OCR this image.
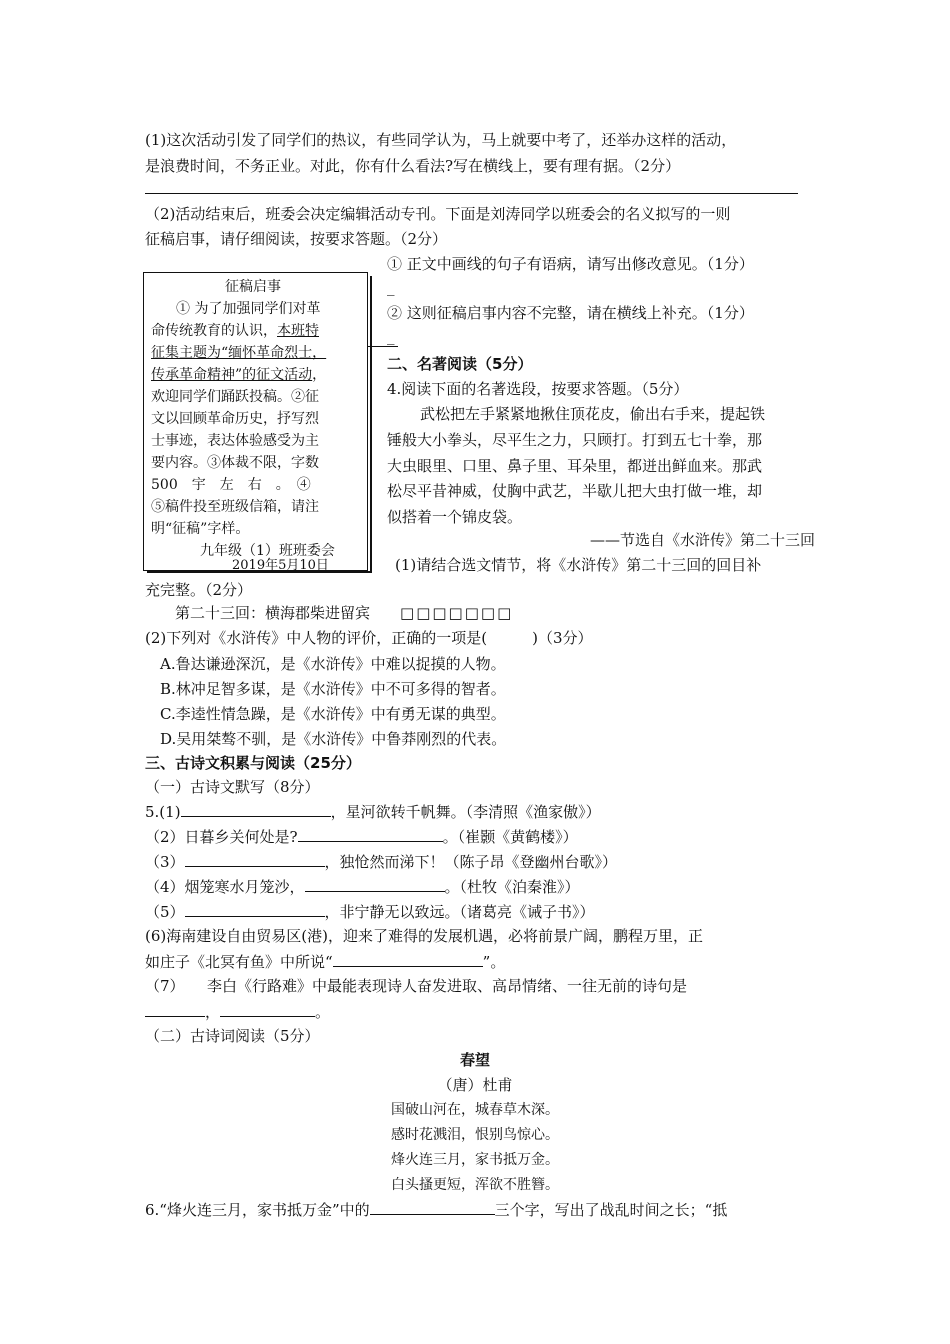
(1)这次活动引发了同学们的热议，有些同学认为，马上就要中考了，还举办这样的活动，
是浪费时间，不务正业。对此，你有什么看法?写在横线上，要有理有据。（2分）
（2)活动结束后，班委会决定编辑活动专刊。下面是刘涛同学以班委会的名义拟写的一则
征稿启事，请仔细阅读，按要求答题。（2分）
征稿启事
① 为了加强同学们对革
命传统教育的认识，本班特
征集主题为“缅怀革命烈士，
传承革命精神”的征文活动，
欢迎同学们踊跃投稿。②征
文以回顾革命历史，抒写烈
士事迹，表达体验感受为主
要内容。③体裁不限，字数
500　宇　左　右　。　④
⑤稿件投至班级信箱，请注
明“征稿”字样。
九年级（1）班班委会
2019年5月10日
① 正文中画线的句子有语病，请写出修改意见。（1分）
_
② 这则征稿启事内容不完整，请在横线上补充。（1分）
_
二、名著阅读（5分）
4.阅读下面的名著选段，按要求答题。（5分）
武松把左手紧紧地揪住顶花皮，偷出右手来，提起铁
锤般大小拳头，尽平生之力，只顾打。打到五七十拳，那
大虫眼里、口里、鼻子里、耳朵里，都迸出鲜血来。那武
松尽平昔神威，仗胸中武艺，半歇儿把大虫打做一堆，却
似搭着一个锦皮袋。
——节选自《水浒传》第二十三回
(1)请结合选文情节，将《水浒传》第二十三回的回目补
充完整。（2分）
第二十三回：横海郡柴进留宾　　 □□□□□□□
(2)下列对《水浒传》中人物的评价，正确的一项是(　　　)（3分）
A.鲁达谦逊深沉，是《水浒传》中难以捉摸的人物。
B.林冲足智多谋，是《水浒传》中不可多得的智者。
C.李逵性情急躁，是《水浒传》中有勇无谋的典型。
D.吴用桀骜不驯，是《水浒传》中鲁莽刚烈的代表。
三、古诗文积累与阅读（25分）
（一）古诗文默写（8分）
5.(1)	，星河欲转千帆舞。（李清照《渔家傲》）
（2）日暮乡关何处是?	。（崔颢《黄鹤楼》）
（3）	，独怆然而涕下！（陈子昂《登幽州台歌》）
（4）烟笼寒水月笼沙，	。（杜牧《泊秦淮》）
（5）	，非宁静无以致远。（诸葛亮《诫子书》）
(6)海南建设自由贸易区(港)，迎来了难得的发展机遇，必将前景广阔，鹏程万里，正
如庄子《北冥有鱼》中所说“	”。
（7）　　李白《行路难》中最能表现诗人奋发进取、高昂情绪、一往无前的诗句是
，	。
（二）古诗词阅读（5分）
春望
（唐）杜甫
国破山河在，城春草木深。
感时花溅泪，恨别鸟惊心。
烽火连三月，家书抵万金。
白头搔更短，浑欲不胜簪。
6.“烽火连三月，家书抵万金”中的	三个字，写出了战乱时间之长；“抵
